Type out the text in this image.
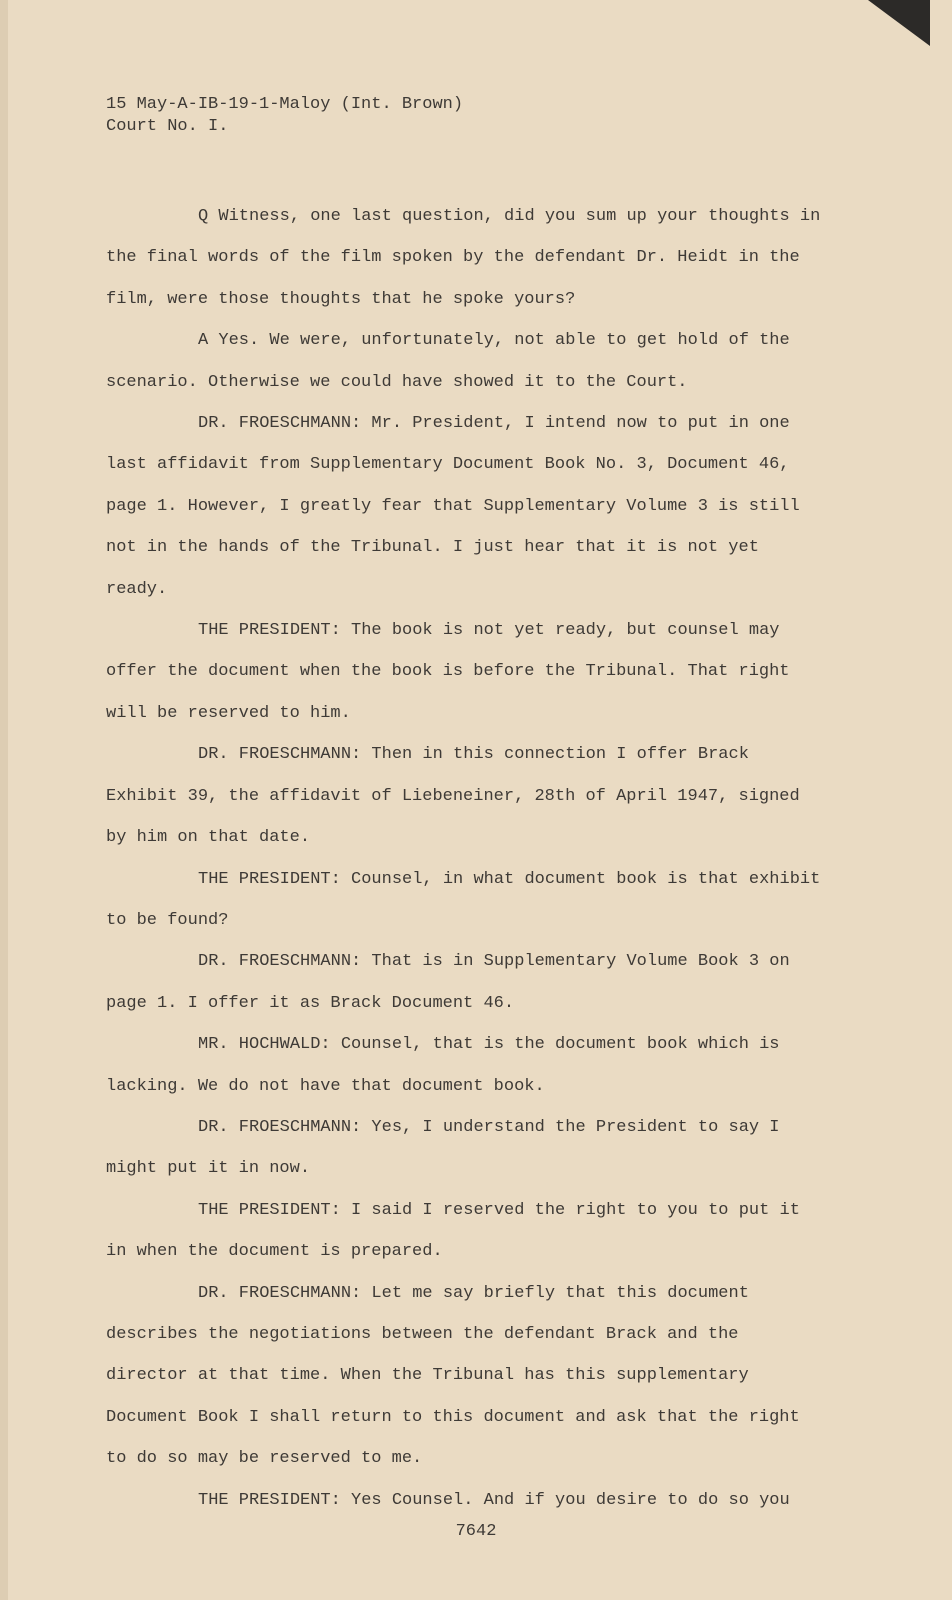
15 May-A-IB-19-1-Maloy (Int. Brown)
Court No. I.

Q Witness, one last question, did you sum up your thoughts in the final words of the film spoken by the defendant Dr. Heidt in the film, were those thoughts that he spoke yours?

A Yes. We were, unfortunately, not able to get hold of the scenario. Otherwise we could have showed it to the Court.

DR. FROESCHMANN: Mr. President, I intend now to put in one last affidavit from Supplementary Document Book No. 3, Document 46, page 1. However, I greatly fear that Supplementary Volume 3 is still not in the hands of the Tribunal. I just hear that it is not yet ready.

THE PRESIDENT: The book is not yet ready, but counsel may offer the document when the book is before the Tribunal. That right will be reserved to him.

DR. FROESCHMANN: Then in this connection I offer Brack Exhibit 39, the affidavit of Liebeneiner, 28th of April 1947, signed by him on that date.

THE PRESIDENT: Counsel, in what document book is that exhibit to be found?

DR. FROESCHMANN: That is in Supplementary Volume Book 3 on page 1. I offer it as Brack Document 46.

MR. HOCHWALD: Counsel, that is the document book which is lacking. We do not have that document book.

DR. FROESCHMANN: Yes, I understand the President to say I might put it in now.

THE PRESIDENT: I said I reserved the right to you to put it in when the document is prepared.

DR. FROESCHMANN: Let me say briefly that this document describes the negotiations between the defendant Brack and the director at that time. When the Tribunal has this supplementary Document Book I shall return to this document and ask that the right to do so may be reserved to me.

THE PRESIDENT: Yes Counsel. And if you desire to do so you

7642
